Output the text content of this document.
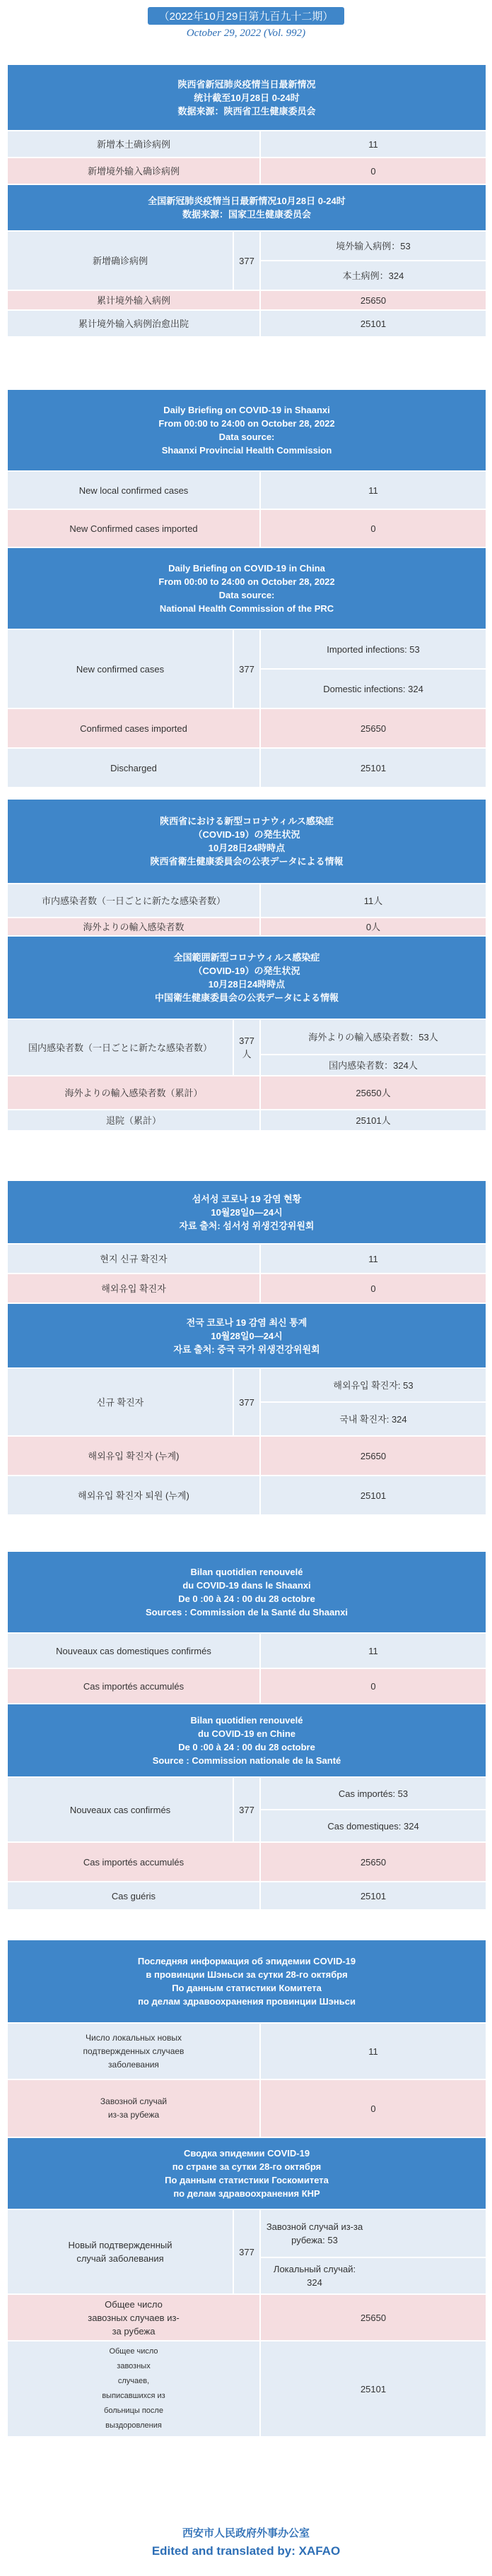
（2022年10月29日第九百九十二期）
October 29, 2022 (Vol. 992)
陕西省新冠肺炎疫情当日最新情况
统计截至10月28日 0-24时
数据来源：陕西省卫生健康委员会		

新增本土确诊病例		11
新增境外输入确诊病例		0

全国新冠肺炎疫情当日最新情况10月28日 0-24时
数据来源：国家卫生健康委员会		

新增确诊病例	377	境外输入病例：53
		本土病例：324
累计境外输入病例		25650
累计境外输入病例治愈出院		25101
Daily Briefing on COVID-19 in Shaanxi
From 00:00 to 24:00 on October 28, 2022
Data source:
Shaanxi Provincial Health Commission		

New local confirmed cases		11
New Confirmed cases imported		0

Daily Briefing on COVID-19 in China
From 00:00 to 24:00 on October 28, 2022
Data source:
National Health Commission of the PRC		

New confirmed cases	377	Imported infections: 53
		Domestic infections: 324
Confirmed cases imported		25650
Discharged		25101
陝西省における新型コロナウィルス感染症
（COVID-19）の発生状況
10月28日24時時点
陝西省衛生健康委員会の公表データによる情報		

市内感染者数（一日ごとに新たな感染者数）		11人
海外よりの輸入感染者数		0人

全国範囲新型コロナウィルス感染症
（COVID-19）の発生状況
10月28日24時時点
中国衛生健康委員会の公表データによる情報		

国内感染者数（一日ごとに新たな感染者数）	377人	海外よりの輸入感染者数：53人
		国内感染者数：324人
海外よりの輸入感染者数（累計）		25650人
退院（累計）		25101人
섬서성 코로나 19 감염 현황
10월28일0—24시
자료 출처: 섬서성 위생건강위원회		

현지 신규 확진자		11
해외유입 확진자		0

전국 코로나 19 감염 최신 통계
10월28일0—24시
자료 출처: 중국 국가 위생건강위원회		

신규 확진자	377	해외유입 확진자: 53
		국내 확진자: 324
해외유입 확진자 (누계)		25650
해외유입 확진자 퇴원 (누계)		25101
Bilan quotidien renouvelé
du COVID-19 dans le Shaanxi
De 0 :00 à 24 : 00 du 28 octobre
Sources : Commission de la Santé du Shaanxi		

Nouveaux cas domestiques confirmés		11
Cas importés accumulés		0

Bilan quotidien renouvelé
du COVID-19 en Chine
De 0 :00 à 24 : 00 du 28 octobre
Source : Commission nationale de la Santé		

Nouveaux cas confirmés	377	Cas importés: 53
		Cas domestiques: 324
Cas importés accumulés		25650
Cas guéris		25101
Последняя информация об эпидемии COVID-19
в провинции Шэньси за сутки 28-го октября
По данным статистики Комитета
по делам здравоохранения провинции Шэньси		

Число локальных новых подтвержденных случаев заболевания		11

Завозной случай из-за рубежа		0

Сводка эпидемии COVID-19
по стране за сутки 28-го октября
По данным статистики Госкомитета
по делам здравоохранения КНР		

Новый подтвержденный случай заболевания	377	Завозной случай из-за рубежа: 53

		Локальный случай: 324

Общее число завозных случаев из-за рубежа		25650

Общее число завозных случаев, выписавшихся из больницы после выздоровления		25101
西安市人民政府外事办公室
Edited and translated by: XAFAO
